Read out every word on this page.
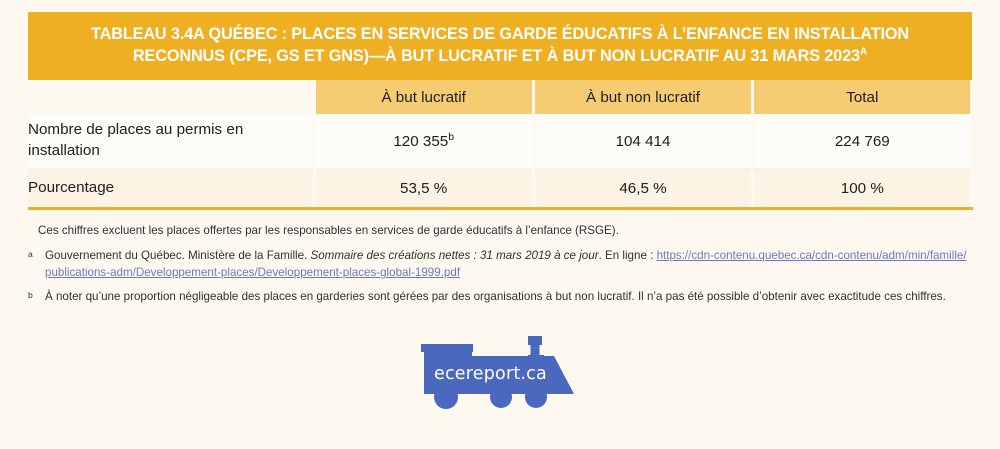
TABLEAU 3.4A QUÉBEC : PLACES EN SERVICES DE GARDE ÉDUCATIFS À L’ENFANCE EN INSTALLATION RECONNUS (CPE, GS ET GNS)—À BUT LUCRATIF ET À BUT NON LUCRATIF AU 31 MARS $2023^A$
	À but lucratif	À but non lucratif	Total
Nombre de places au permis en installation	120 355$^b$	104 414	224 769
Pourcentage	53,5 %	46,5 %	100 %
Ces chiffres excluent les places offertes par les responsables en services de garde éducatifs à l’enfance (RSGE).
a	Gouvernement du Québec. Ministère de la Famille. Sommaire des créations nettes : 31 mars 2019 à ce jour. En ligne : https://cdn-contenu.quebec.ca/cdn-contenu/adm/min/famille/publications-adm/Developpement-places/Developpement-places-global-1999.pdf
b	À noter qu’une proportion négligeable des places en garderies sont gérées par des organisations à but non lucratif. Il n’a pas été possible d’obtenir avec exactitude ces chiffres.
ecereport.ca
